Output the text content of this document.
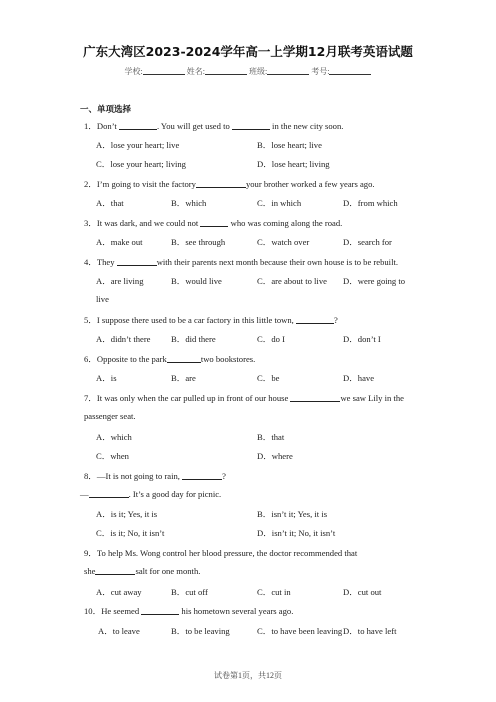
广东大湾区2023-2024学年高一上学期12月联考英语试题
学校:	姓名:	班级:	考号:
一、单项选择
1．Don’t	. You will get used to	in the new city soon.
A．lose your heart; live	B．lose heart; live
C．lose your heart; living	D．lose heart; living
2．I’m going to visit the factory	your brother worked a few years ago.
A．that	B．which	C．in which	D．from which
3．It was dark, and we could not	who was coming along the road.
A．make out	B．see through	C．watch over	D．search for
4．They	with their parents next month because their own house is to be rebuilt.
A．are living	B．would live	C．are about to live D．were going to
live
5．I suppose there used to be a car factory in this little town,	?
A．didn’t there B．did there	C．do I	D．don’t I
6．Opposite to the park	two bookstores.
A．is	B．are	C．be	D．have
7．It was only when the car pulled up in front of our house	we saw Lily in the
passenger seat.
A．which	B．that
C．when	D．where
8．—It is not going to rain,	?
—	. It’s a good day for picnic.
A．is it; Yes, it is	B．isn’t it; Yes, it is
C．is it; No, it isn’t	D．isn’t it; No, it isn’t
9．To help Ms. Wong control her blood pressure, the doctor recommended that
she	salt for one month.
A．cut away	B．cut off	C．cut in	D．cut out
10．He seemed	his hometown several years ago.
A．to leave	B．to be leaving	C．to have been leaving D．to have left
试卷第1页，共12页
